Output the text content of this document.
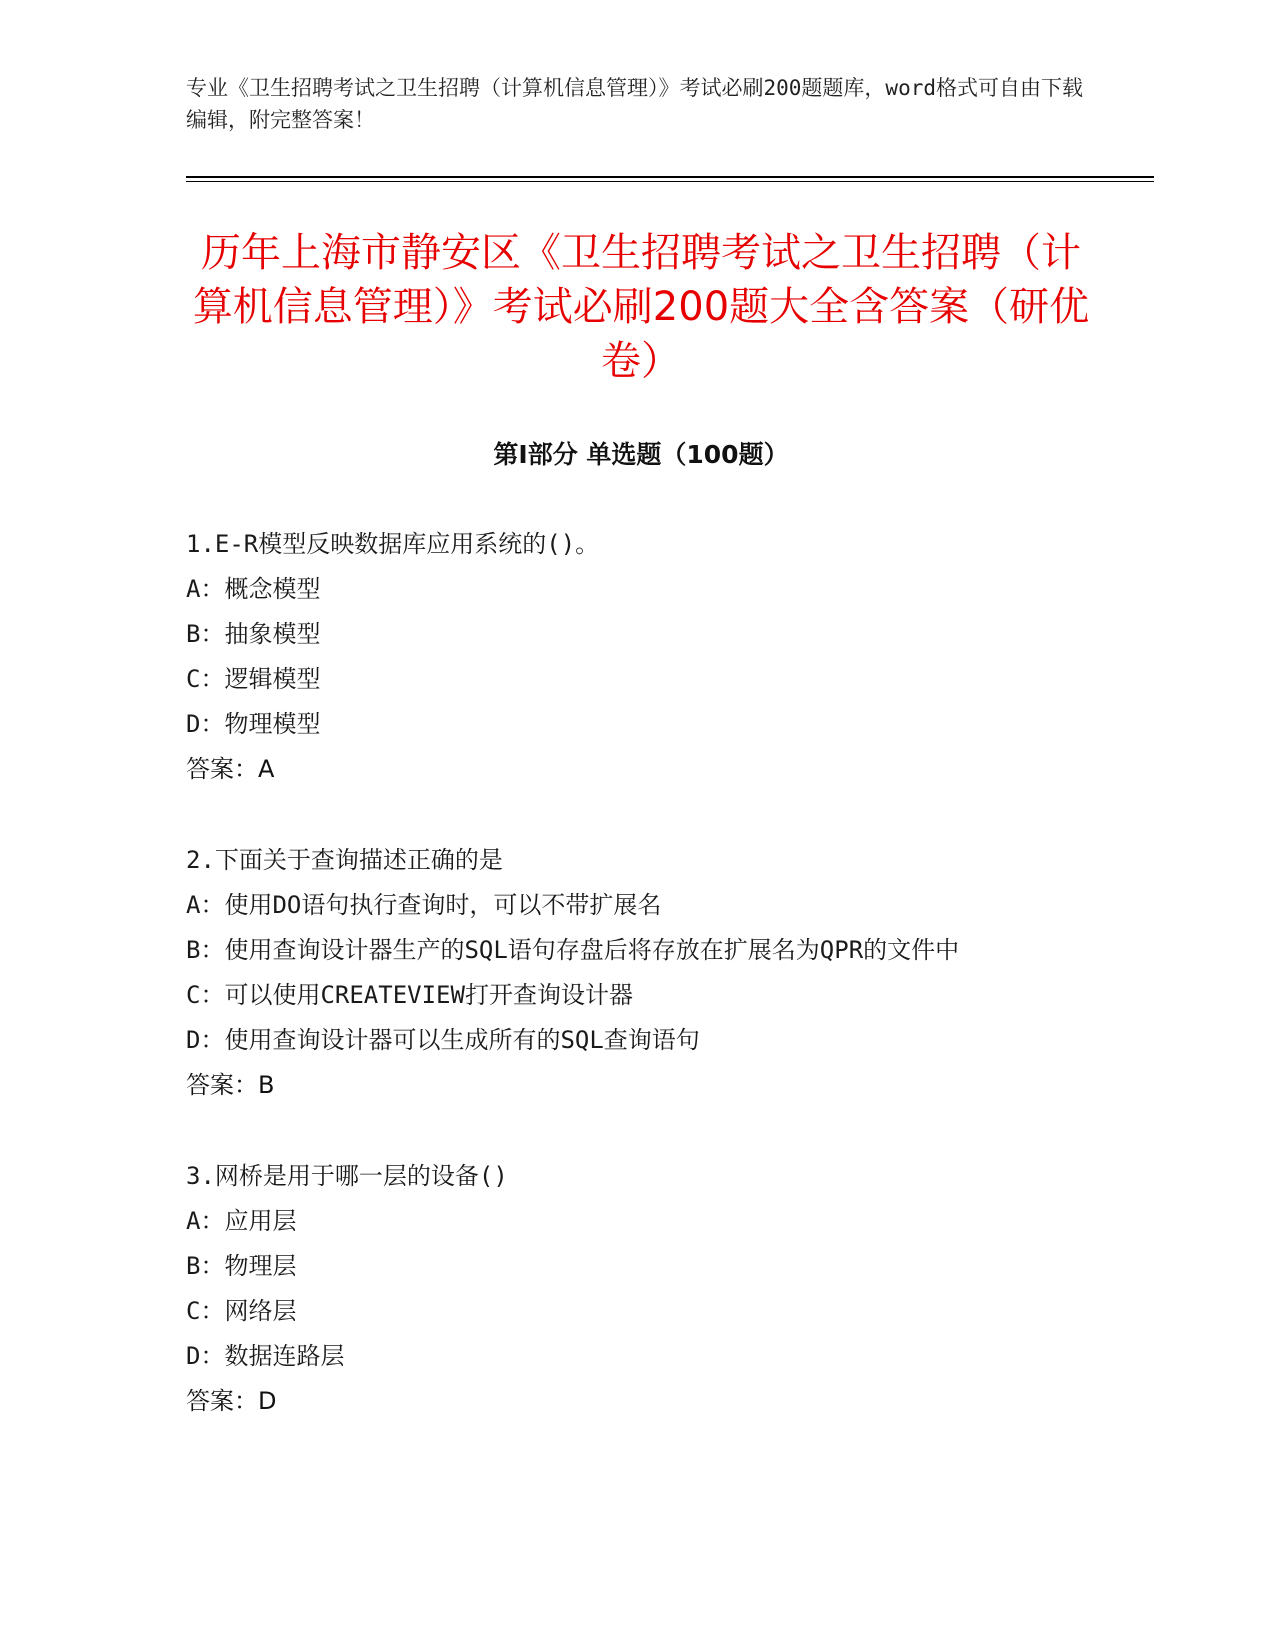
专业《卫生招聘考试之卫生招聘（计算机信息管理）》考试必刷200题题库，word格式可自由下载编辑，附完整答案！
历年上海市静安区《卫生招聘考试之卫生招聘（计算机信息管理）》考试必刷200题大全含答案（研优卷）
第Ⅰ部分 单选题（100题）
1.E-R模型反映数据库应用系统的()。
A：概念模型
B：抽象模型
C：逻辑模型
D：物理模型
答案：A
2.下面关于查询描述正确的是
A：使用DO语句执行查询时，可以不带扩展名
B：使用查询设计器生产的SQL语句存盘后将存放在扩展名为QPR的文件中
C：可以使用CREATEVIEW打开查询设计器
D：使用查询设计器可以生成所有的SQL查询语句
答案：B
3.网桥是用于哪一层的设备()
A：应用层
B：物理层
C：网络层
D：数据连路层
答案：D
